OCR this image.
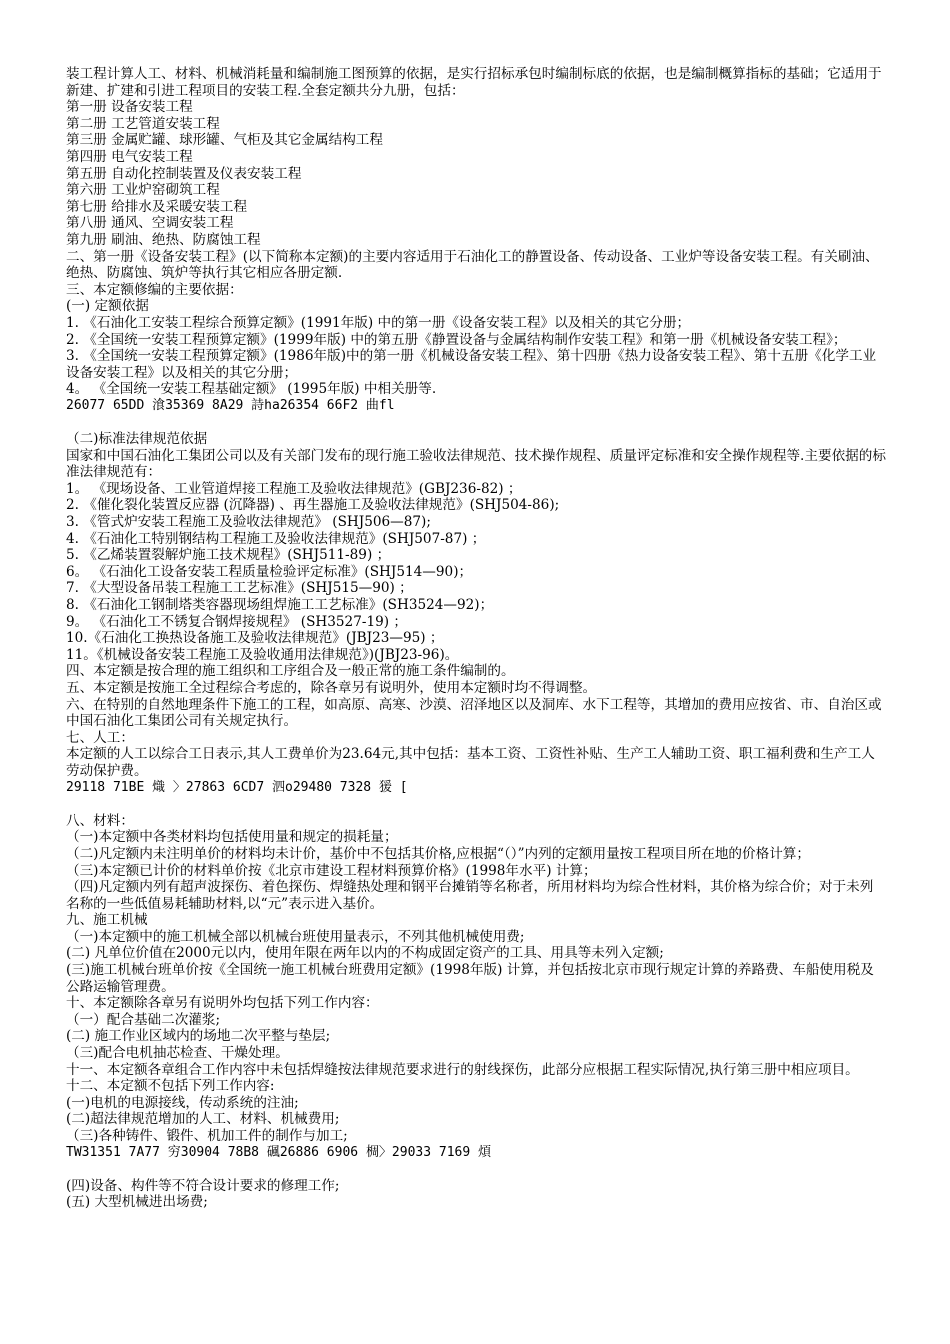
装工程计算人工、材料、机械消耗量和编制施工图预算的依据，是实行招标承包时编制标底的依据，也是编制概算指标的基础；它适用于新建、扩建和引进工程项目的安装工程.全套定额共分九册，包括：
第一册 设备安装工程
第二册 工艺管道安装工程
第三册 金属贮罐、球形罐、气柜及其它金属结构工程
第四册 电气安装工程
第五册 自动化控制装置及仪表安装工程
第六册 工业炉窑砌筑工程
第七册 给排水及采暖安装工程
第八册 通风、空调安装工程
第九册 刷油、绝热、防腐蚀工程
二、第一册《设备安装工程》(以下简称本定额)的主要内容适用于石油化工的静置设备、传动设备、工业炉等设备安装工程。有关刷油、绝热、防腐蚀、筑炉等执行其它相应各册定额.
三、本定额修编的主要依据：
(一) 定额依据
1. 《石油化工安装工程综合预算定额》(1991年版) 中的第一册《设备安装工程》以及相关的其它分册；
2. 《全国统一安装工程预算定额》(1999年版) 中的第五册《静置设备与金属结构制作安装工程》和第一册《机械设备安装工程》；
3. 《全国统一安装工程预算定额》(1986年版)中的第一册《机械设备安装工程》、第十四册《热力设备安装工程》、第十五册《化学工业设备安装工程》以及相关的其它分册；
4。 《全国统一安装工程基础定额》 (1995年版) 中相关册等.
26077 65DD 湌35369 8A29 詩ha26354 66F2 曲fl
（二)标准法律规范依据
国家和中国石油化工集团公司以及有关部门发布的现行施工验收法律规范、技术操作规程、质量评定标准和安全操作规程等.主要依据的标准法律规范有：
1。 《现场设备、工业管道焊接工程施工及验收法律规范》(GBJ236-82) ；
2. 《催化裂化装置反应器 (沉降器) 、再生器施工及验收法律规范》(SHJ504-86);
3. 《管式炉安装工程施工及验收法律规范》 (SHJ506—87);
4. 《石油化工特别钢结构工程施工及验收法律规范》(SHJ507-87) ；
5. 《乙烯装置裂解炉施工技术规程》(SHJ511-89) ；
6。 《石油化工设备安装工程质量检验评定标准》(SHJ514—90)；
7. 《大型设备吊装工程施工工艺标准》(SHJ515—90) ；
8. 《石油化工钢制塔类容器现场组焊施工工艺标准》(SH3524—92)；
9。 《石油化工不锈复合钢焊接规程》 (SH3527-19) ；
10.《石油化工换热设备施工及验收法律规范》(JBJ23—95) ；
11。《机械设备安装工程施工及验收通用法律规范》)(JBJ23-96)。
四、本定额是按合理的施工组织和工序组合及一般正常的施工条件编制的。
五、本定额是按施工全过程综合考虑的，除各章另有说明外，使用本定额时均不得调整。
六、在特别的自然地理条件下施工的工程，如高原、高寒、沙漠、沼泽地区以及洞库、水下工程等，其增加的费用应按省、市、自治区或中国石油化工集团公司有关规定执行。
七、人工：
本定额的人工以综合工日表示,其人工费单价为23.64元,其中包括：基本工资、工资性补贴、生产工人辅助工资、职工福利费和生产工人劳动保护费。
29118 71BE 熾 〉27863 6CD7 泗o29480 7328 猨 [
八、材料：
（一)本定额中各类材料均包括使用量和规定的损耗量；
（二)凡定额内未注明单价的材料均未计价，基价中不包括其价格,应根据“（）”内列的定额用量按工程项目所在地的价格计算；
（三)本定额已计价的材料单价按《北京市建设工程材料预算价格》(1998年水平) 计算；
（四)凡定额内列有超声波探伤、着色探伤、焊缝热处理和钢平台摊销等名称者，所用材料均为综合性材料，其价格为综合价；对于未列名称的一些低值易耗辅助材料,以“元”表示进入基价。
九、施工机械
（一)本定额中的施工机械全部以机械台班使用量表示，不列其他机械使用费;
(二) 凡单位价值在2000元以内，使用年限在两年以内的不构成固定资产的工具、用具等未列入定额;
(三)施工机械台班单价按《全国统一施工机械台班费用定额》(1998年版) 计算，并包括按北京市现行规定计算的养路费、车船使用税及公路运输管理费。
十、本定额除各章另有说明外均包括下列工作内容：
（一）配合基础二次灌浆;
(二) 施工作业区域内的场地二次平整与垫层;
（三)配合电机抽芯检查、干燥处理。
十一、本定额各章组合工作内容中未包括焊缝按法律规范要求进行的射线探伤，此部分应根据工程实际情况,执行第三册中相应项目。
十二、本定额不包括下列工作内容:
(一)电机的电源接线，传动系统的注油;
(二)超法律规范增加的人工、材料、机械费用;
（三)各种铸件、锻件、机加工件的制作与加工;
TW31351 7A77 穷30904 78B8 碸26886 6906 椆〉29033 7169 煩
(四)设备、构件等不符合设计要求的修理工作;
(五) 大型机械进出场费;
